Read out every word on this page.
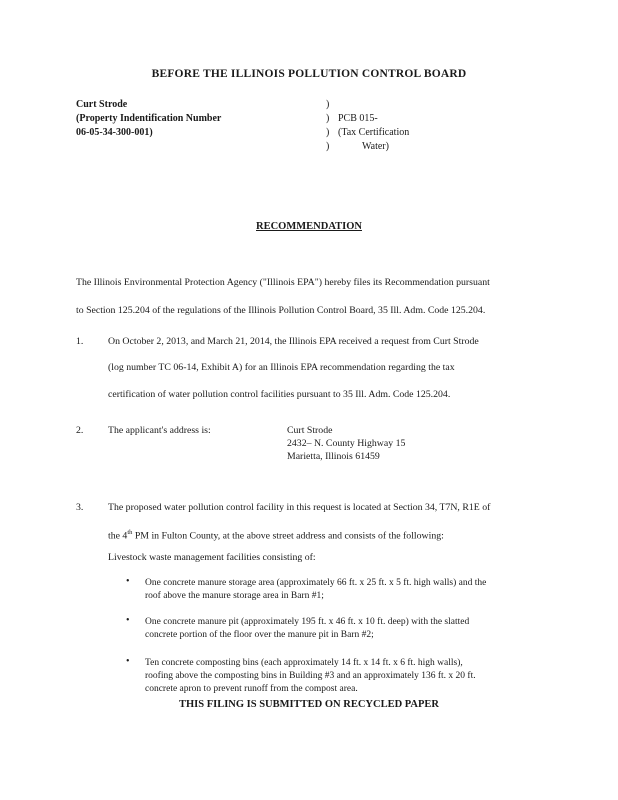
BEFORE THE ILLINOIS POLLUTION CONTROL BOARD
Curt Strode
(Property Indentification Number
06-05-34-300-001)
)
)
)
)
PCB 015-
(Tax Certification
Water)
RECOMMENDATION
The Illinois Environmental Protection Agency ("Illinois EPA") hereby files its Recommendation pursuant
to Section 125.204 of the regulations of the Illinois Pollution Control Board, 35 Ill. Adm. Code 125.204.
1.	On October 2, 2013, and March 21, 2014, the Illinois EPA received a request from Curt Strode
(log number TC 06-14, Exhibit A) for an Illinois EPA recommendation regarding the tax
certification of water pollution control facilities pursuant to 35 Ill. Adm. Code 125.204.
2.	The applicant's address is:	Curt Strode
2432– N. County Highway 15
Marietta, Illinois 61459
3.	The proposed water pollution control facility in this request is located at Section 34, T7N, R1E of
the 4th PM in Fulton County, at the above street address and consists of the following:
Livestock waste management facilities consisting of:
• One concrete manure storage area (approximately 66 ft. x 25 ft. x 5 ft. high walls) and the
roof above the manure storage area in Barn #1;
• One concrete manure pit (approximately 195 ft. x 46 ft. x 10 ft. deep) with the slatted
concrete portion of the floor over the manure pit in Barn #2;
• Ten concrete composting bins (each approximately 14 ft. x 14 ft. x 6 ft. high walls),
roofing above the composting bins in Building #3 and an approximately 136 ft. x 20 ft.
concrete apron to prevent runoff from the compost area.
THIS FILING IS SUBMITTED ON RECYCLED PAPER
